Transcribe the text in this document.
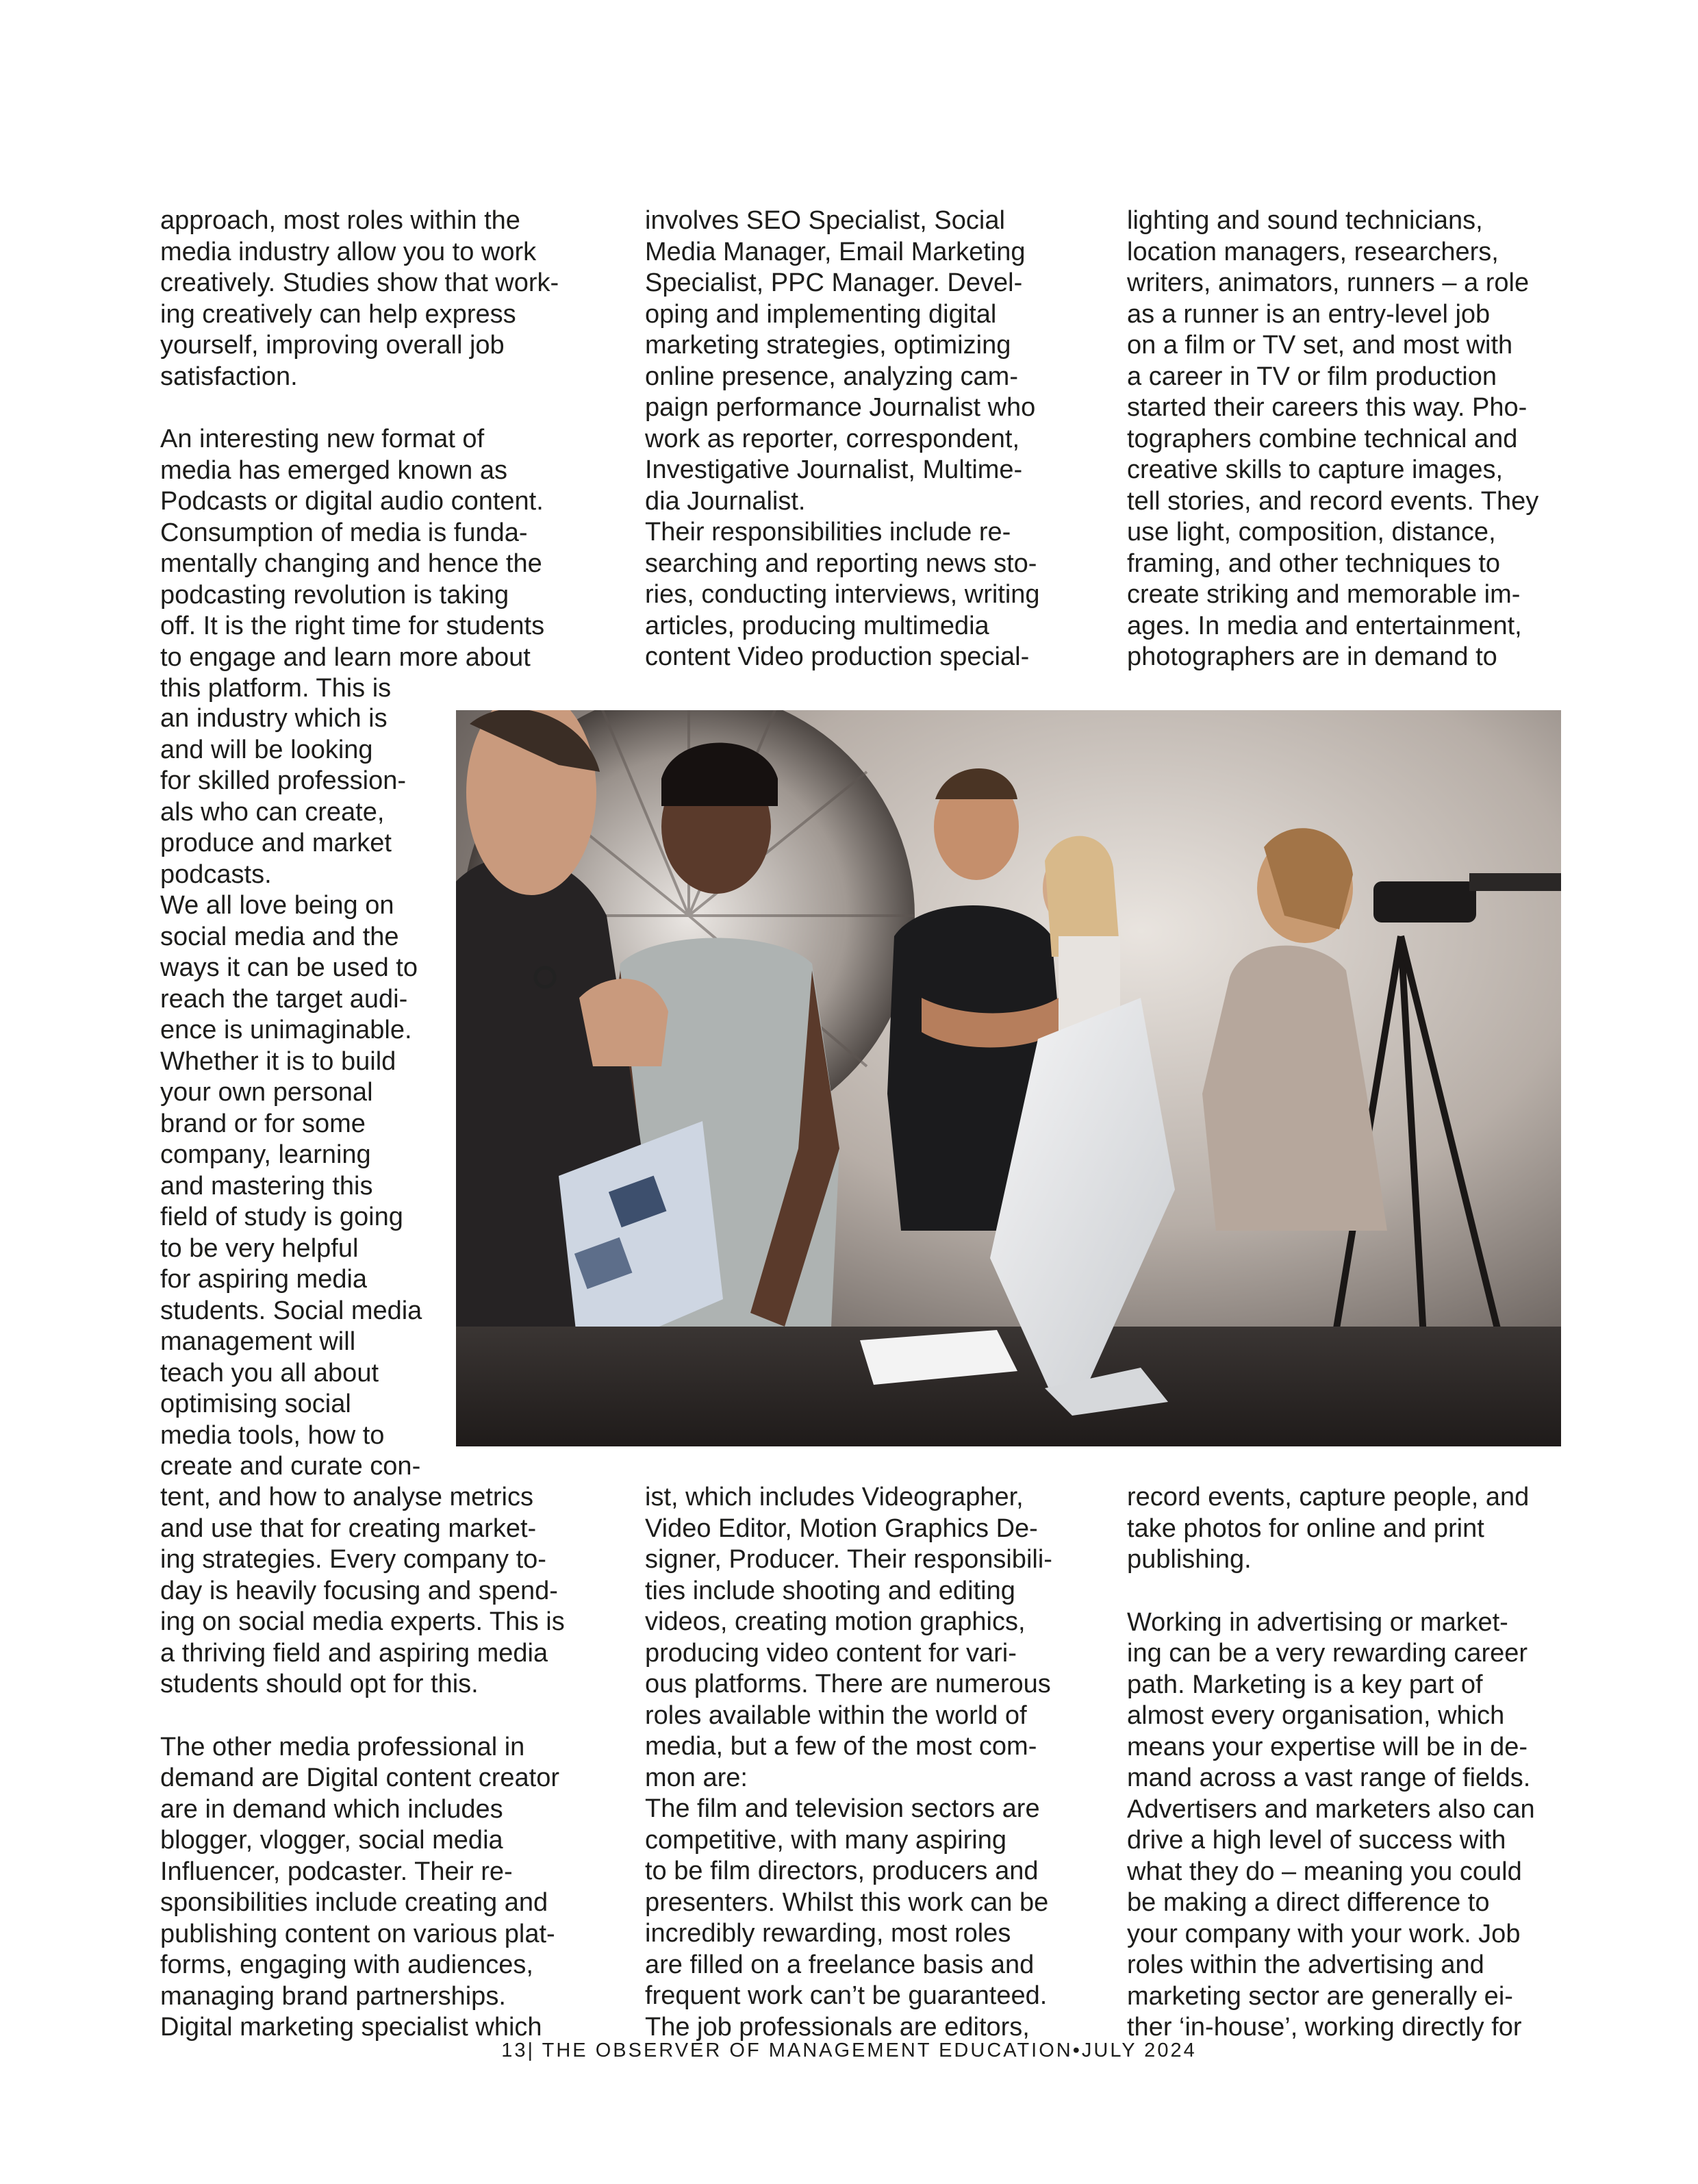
approach, most roles within the
media industry allow you to work
creatively. Studies show that work-
ing creatively can help express
yourself, improving overall job
satisfaction.

An interesting new format of
media has emerged known as
Podcasts or digital audio content.
Consumption of media is funda-
mentally changing and hence the
podcasting revolution is taking
off. It is the right time for students
to engage and learn more about
this platform. This is

an industry which is
and will be looking
for skilled profession-
als who can create,
produce and market
podcasts.
We all love being on
social media and the
ways it can be used to
reach the target audi-
ence is unimaginable.
Whether it is to build
your own personal
brand or for some
company, learning
and mastering this
field of study is going
to be very helpful
for aspiring media
students. Social media
management will
teach you all about
optimising social
media tools, how to
create and curate con-

tent, and how to analyse metrics
and use that for creating market-
ing strategies. Every company to-
day is heavily focusing and spend-
ing on social media experts. This is
a thriving field and aspiring media
students should opt for this.

The other media professional in
demand are Digital content creator
are in demand which includes
blogger, vlogger, social media
Influencer, podcaster. Their re-
sponsibilities include creating and
publishing content on various plat-
forms, engaging with audiences,
managing brand partnerships.
Digital marketing specialist which

involves SEO Specialist, Social
Media Manager, Email Marketing
Specialist, PPC Manager. Devel-
oping and implementing digital
marketing strategies, optimizing
online presence, analyzing cam-
paign performance Journalist who
work as reporter, correspondent,
Investigative Journalist, Multime-
dia Journalist.

Their responsibilities include re-
searching and reporting news sto-
ries, conducting interviews, writing
articles, producing multimedia
content Video production special-

ist, which includes Videographer,
Video Editor, Motion Graphics De-
signer, Producer. Their responsibili-
ties include shooting and editing
videos, creating motion graphics,
producing video content for vari-
ous platforms. There are numerous
roles available within the world of
media, but a few of the most com-
mon are:

The film and television sectors are
competitive, with many aspiring
to be film directors, producers and
presenters. Whilst this work can be
incredibly rewarding, most roles
are filled on a freelance basis and
frequent work can’t be guaranteed.
The job professionals are editors,

lighting and sound technicians,
location managers, researchers,
writers, animators, runners – a role
as a runner is an entry-level job
on a film or TV set, and most with
a career in TV or film production
started their careers this way. Pho-
tographers combine technical and
creative skills to capture images,
tell stories, and record events. They
use light, composition, distance,
framing, and other techniques to
create striking and memorable im-
ages. In media and entertainment,
photographers are in demand to

record events, capture people, and
take photos for online and print
publishing.

Working in advertising or market-
ing can be a very rewarding career
path. Marketing is a key part of
almost every organisation, which
means your expertise will be in de-
mand across a vast range of fields.
Advertisers and marketers also can
drive a high level of success with
what they do – meaning you could
be making a direct difference to
your company with your work. Job
roles within the advertising and
marketing sector are generally ei-
ther ‘in-house’, working directly for

13| THE OBSERVER OF MANAGEMENT EDUCATION•JULY 2024
